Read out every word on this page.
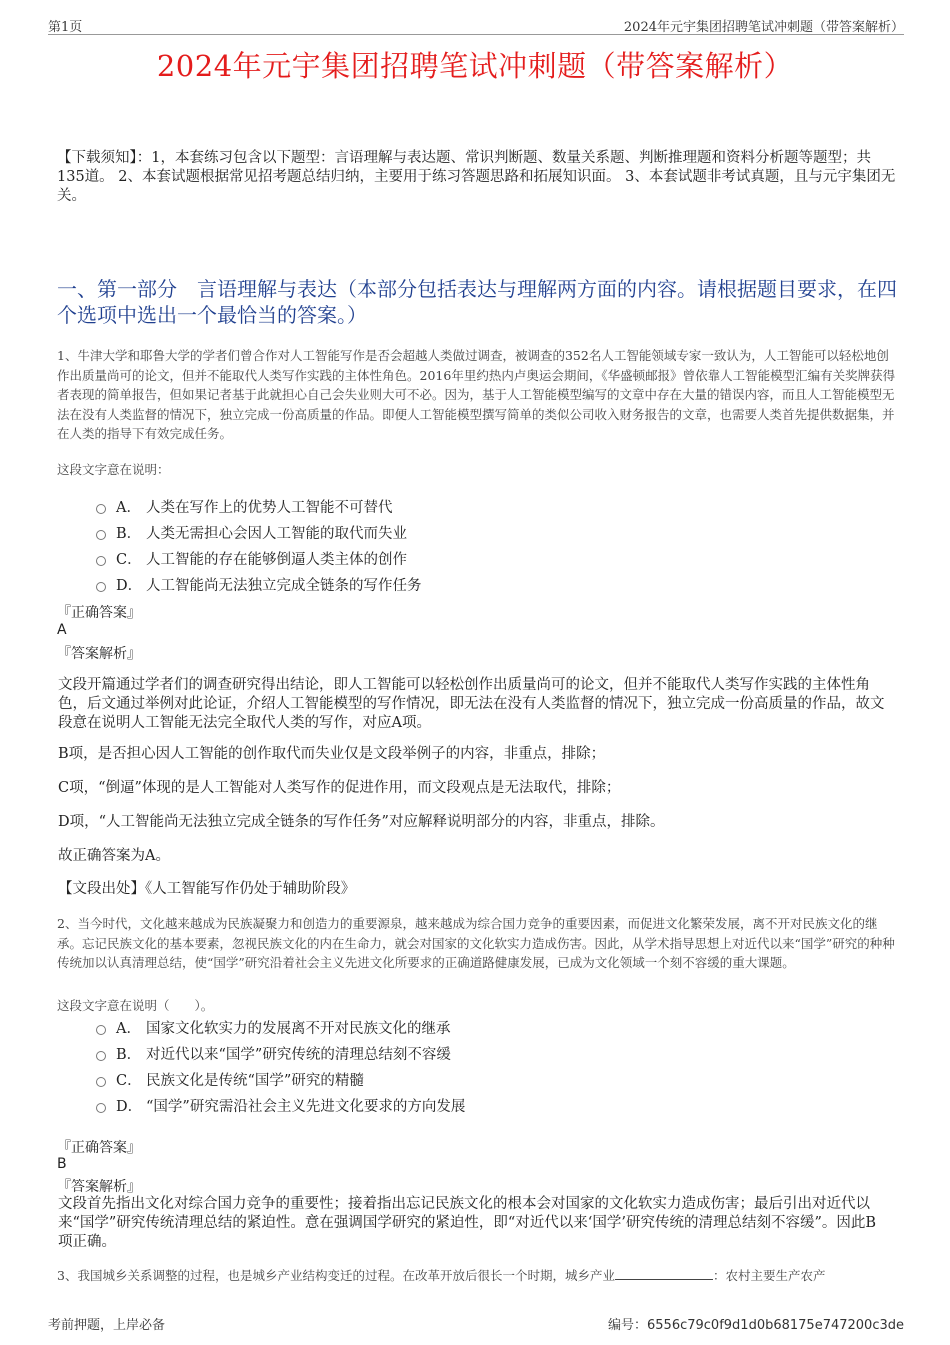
第1页	2024年元宇集团招聘笔试冲刺题（带答案解析）
2024年元宇集团招聘笔试冲刺题（带答案解析）
【下载须知】：1，本套练习包含以下题型：言语理解与表达题、常识判断题、数量关系题、判断推理题和资料分析题等题型；共135道。 2、本套试题根据常见招考题总结归纳，主要用于练习答题思路和拓展知识面。 3、本套试题非考试真题，且与元宇集团无关。
一、第一部分　言语理解与表达（本部分包括表达与理解两方面的内容。请根据题目要求，在四个选项中选出一个最恰当的答案。）
1、牛津大学和耶鲁大学的学者们曾合作对人工智能写作是否会超越人类做过调查，被调查的352名人工智能领域专家一致认为，人工智能可以轻松地创作出质量尚可的论文，但并不能取代人类写作实践的主体性角色。2016年里约热内卢奥运会期间，《华盛顿邮报》曾依靠人工智能模型汇编有关奖牌获得者表现的简单报告，但如果记者基于此就担心自己会失业则大可不必。因为，基于人工智能模型编写的文章中存在大量的错误内容，而且人工智能模型无法在没有人类监督的情况下，独立完成一份高质量的作品。即便人工智能模型撰写简单的类似公司收入财务报告的文章，也需要人类首先提供数据集，并在人类的指导下有效完成任务。
这段文字意在说明：
A． 人类在写作上的优势人工智能不可替代
B． 人类无需担心会因人工智能的取代而失业
C． 人工智能的存在能够倒逼人类主体的创作
D． 人工智能尚无法独立完成全链条的写作任务
『正确答案』
A
『答案解析』
文段开篇通过学者们的调查研究得出结论，即人工智能可以轻松创作出质量尚可的论文，但并不能取代人类写作实践的主体性角色，后文通过举例对此论证，介绍人工智能模型的写作情况，即无法在没有人类监督的情况下，独立完成一份高质量的作品，故文段意在说明人工智能无法完全取代人类的写作，对应A项。
B项，是否担心因人工智能的创作取代而失业仅是文段举例子的内容，非重点，排除；
C项，“倒逼”体现的是人工智能对人类写作的促进作用，而文段观点是无法取代，排除；
D项，“人工智能尚无法独立完成全链条的写作任务”对应解释说明部分的内容，非重点，排除。
故正确答案为A。
【文段出处】《人工智能写作仍处于辅助阶段》
2、当今时代，文化越来越成为民族凝聚力和创造力的重要源泉，越来越成为综合国力竞争的重要因素，而促进文化繁荣发展，离不开对民族文化的继承。忘记民族文化的基本要素，忽视民族文化的内在生命力，就会对国家的文化软实力造成伤害。因此，从学术指导思想上对近代以来“国学”研究的种种传统加以认真清理总结，使“国学”研究沿着社会主义先进文化所要求的正确道路健康发展，已成为文化领域一个刻不容缓的重大课题。
这段文字意在说明（　　）。
A． 国家文化软实力的发展离不开对民族文化的继承
B． 对近代以来“国学”研究传统的清理总结刻不容缓
C． 民族文化是传统“国学”研究的精髓
D． “国学”研究需沿社会主义先进文化要求的方向发展
『正确答案』
B
『答案解析』
文段首先指出文化对综合国力竞争的重要性；接着指出忘记民族文化的根本会对国家的文化软实力造成伤害；最后引出对近代以来“国学”研究传统清理总结的紧迫性。意在强调国学研究的紧迫性，即“对近代以来‘国学’研究传统的清理总结刻不容缓”。因此B项正确。
3、我国城乡关系调整的过程，也是城乡产业结构变迁的过程。在改革开放后很长一个时期，城乡产业	：农村主要生产农产
考前押题，上岸必备	编号：6556c79c0f9d1d0b68175e747200c3de
